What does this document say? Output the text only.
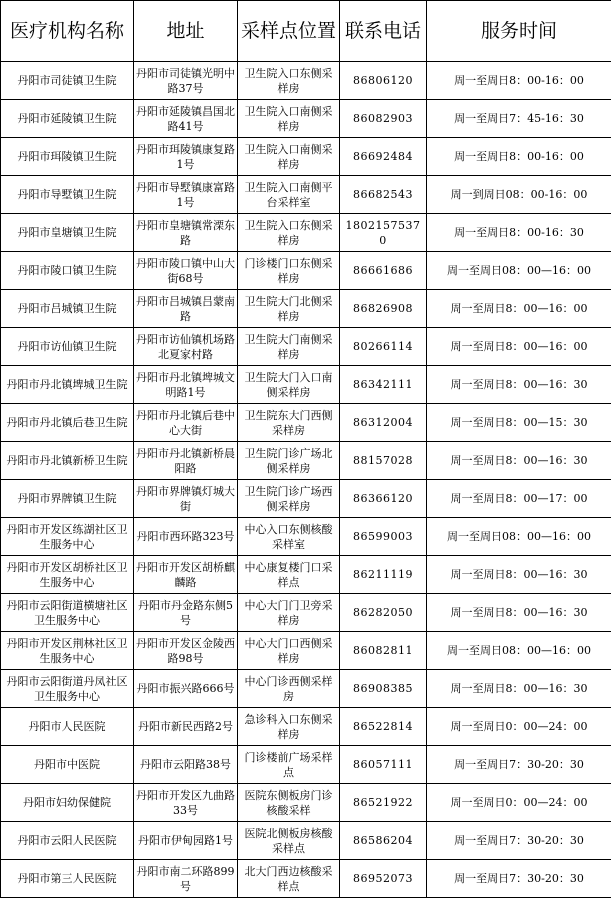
医疗机构名称	地址	采样点位置	联系电话	服务时间
丹阳市司徒镇卫生院	丹阳市司徒镇光明中路37号	卫生院入口东侧采样房	86806120	周一至周日8：00-16：00
丹阳市延陵镇卫生院	丹阳市延陵镇昌国北路41号	卫生院入口南侧采样房	86082903	周一至周日7：45-16：30
丹阳市珥陵镇卫生院	丹阳市珥陵镇康复路1号	卫生院入口南侧采样房	86692484	周一至周日8：00-16：00
丹阳市导墅镇卫生院	丹阳市导墅镇康富路1号	卫生院入口南侧平台采样室	86682543	周一到周日08：00-16：00
丹阳市皇塘镇卫生院	丹阳市皇塘镇常溧东路	卫生院入口东侧采样房	18021575370	周一至周日8：00-16：30
丹阳市陵口镇卫生院	丹阳市陵口镇中山大街68号	门诊楼门口东侧采样房	86661686	周一至周日08：00—16：00
丹阳市吕城镇卫生院	丹阳市吕城镇吕蒙南路	卫生院大门北侧采样房	86826908	周一至周日8：00—16：00
丹阳市访仙镇卫生院	丹阳市访仙镇机场路北夏家村路	卫生院大门南侧采样房	80266114	周一至周日8：00—16：00
丹阳市丹北镇埤城卫生院	丹阳市丹北镇埤城文明路1号	卫生院大门入口南侧采样房	86342111	周一至周日8：00—16：30
丹阳市丹北镇后巷卫生院	丹阳市丹北镇后巷中心大街	卫生院东大门西侧采样房	86312004	周一至周日8：00—15：30
丹阳市丹北镇新桥卫生院	丹阳市丹北镇新桥晨阳路	卫生院门诊广场北侧采样房	88157028	周一至周日8：00—16：30
丹阳市界牌镇卫生院	丹阳市界牌镇灯城大街	卫生院门诊广场西侧采样房	86366120	周一至周日8：00—17：00
丹阳市开发区练湖社区卫生服务中心	丹阳市西环路323号	中心入口东侧核酸采样室	86599003	周一至周日08：00—16：00
丹阳市开发区胡桥社区卫生服务中心	丹阳市开发区胡桥麒麟路	中心康复楼门口采样点	86211119	周一至周日8：00—16：30
丹阳市云阳街道横塘社区卫生服务中心	丹阳市丹金路东侧5号	中心大门门卫旁采样房	86282050	周一至周日8：00—16：30
丹阳市开发区荆林社区卫生服务中心	丹阳市开发区金陵西路98号	中心大门口西侧采样房	86082811	周一至周日08：00—16：00
丹阳市云阳街道丹凤社区卫生服务中心	丹阳市振兴路666号	中心门诊西侧采样房	86908385	周一至周日8：00—16：30
丹阳市人民医院	丹阳市新民西路2号	急诊科入口东侧采样房	86522814	周一至周日0：00—24：00
丹阳市中医院	丹阳市云阳路38号	门诊楼前广场采样点	86057111	周一至周日7：30-20：30
丹阳市妇幼保健院	丹阳市开发区九曲路33号	医院东侧板房门诊核酸采样	86521922	周一至周日0：00—24：00
丹阳市云阳人民医院	丹阳市伊甸园路1号	医院北侧板房核酸采样点	86586204	周一至周日7：30-20：30
丹阳市第三人民医院	丹阳市南二环路899号	北大门西边核酸采样点	86952073	周一至周日7：30-20：30
